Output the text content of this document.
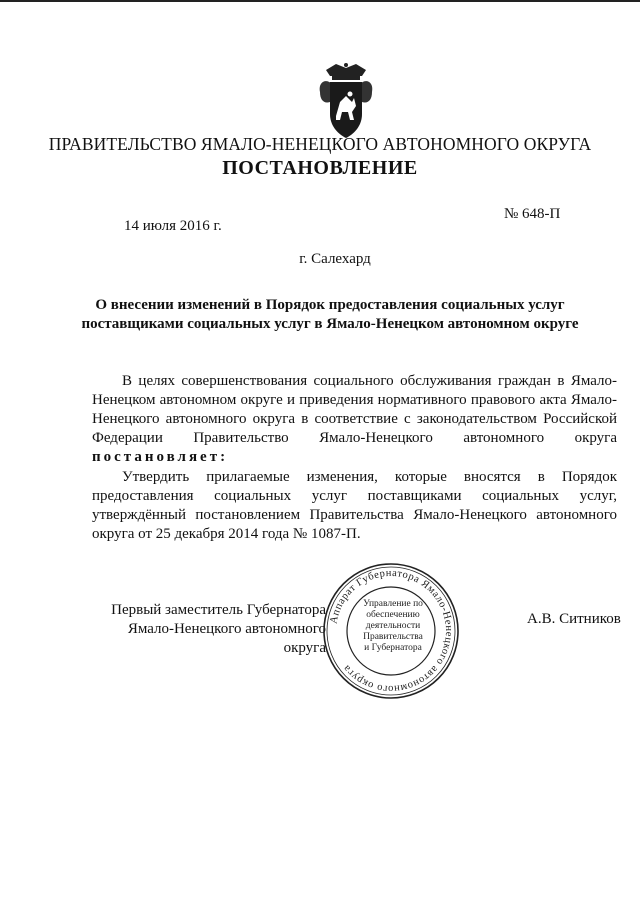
ПРАВИТЕЛЬСТВО ЯМАЛО-НЕНЕЦКОГО АВТОНОМНОГО ОКРУГА
ПОСТАНОВЛЕНИЕ
14 июля 2016 г.
№ 648-П
г. Салехард
О внесении изменений в Порядок предоставления социальных услуг поставщиками социальных услуг в Ямало-Ненецком автономном округе
В целях совершенствования социального обслуживания граждан в Ямало-Ненецком автономном округе и приведения нормативного правового акта Ямало-Ненецкого автономного округа в соответствие с законодательством Российской Федерации Правительство Ямало-Ненецкого автономного округа постановляет:
Утвердить прилагаемые изменения, которые вносятся в Порядок предоставления социальных услуг поставщиками социальных услуг, утверждённый постановлением Правительства Ямало-Ненецкого автономного округа от 25 декабря 2014 года № 1087-П.
Первый заместитель Губернатора
Ямало-Ненецкого автономного округа
А.В. Ситников
Аппарат Губернатора Ямало-Ненецкого автономного округа
Управление по
обеспечению
деятельности
Правительства
и Губернатора
